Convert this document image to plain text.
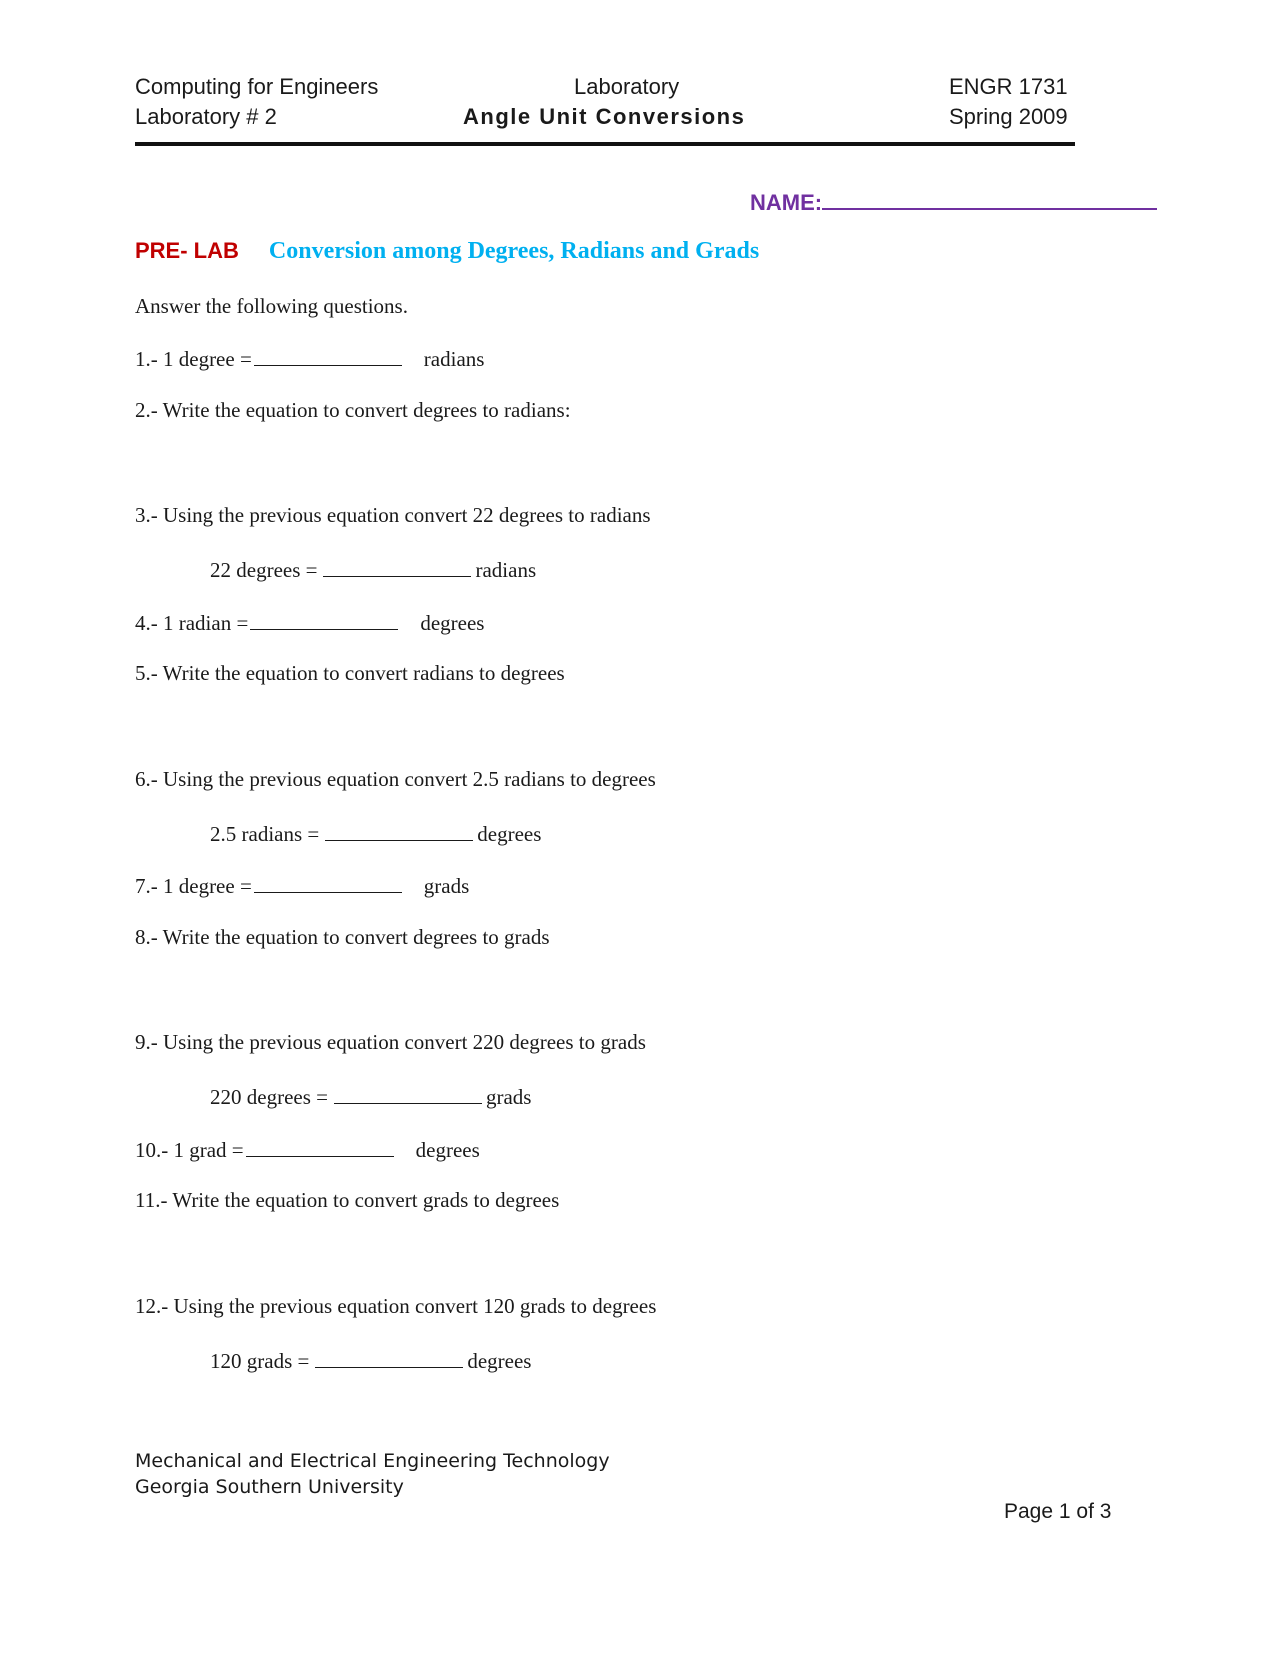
Computing for Engineers
Laboratory # 2
Laboratory
Angle Unit Conversions
ENGR 1731
Spring 2009
NAME:
PRE- LAB Conversion among Degrees, Radians and Grads
Answer the following questions.
1.- 1 degree =	radians
2.- Write the equation to convert degrees to radians:
3.- Using the previous equation convert 22 degrees to radians
22 degrees =	radians
4.- 1 radian =	degrees
5.- Write the equation to convert radians to degrees
6.- Using the previous equation convert 2.5 radians to degrees
2.5 radians =	degrees
7.- 1 degree =	grads
8.- Write the equation to convert degrees to grads
9.- Using the previous equation convert 220 degrees to grads
220 degrees =	grads
10.- 1 grad =	degrees
11.- Write the equation to convert grads to degrees
12.- Using the previous equation convert 120 grads to degrees
120 grads =	degrees
Mechanical and Electrical Engineering Technology
Georgia Southern University
Page 1 of 3
